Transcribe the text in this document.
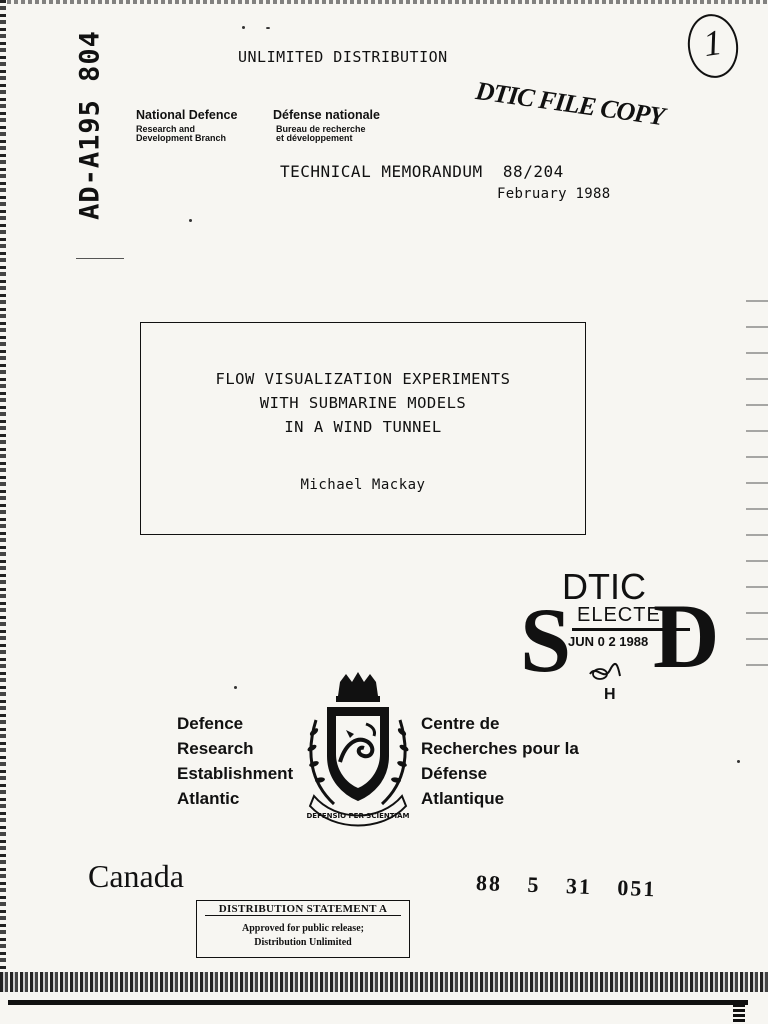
AD-A195 804	UNLIMITED DISTRIBUTION
DTIC FILE COPY
1
National Defence
Research and
Development Branch
Défense nationale
Bureau de recherche
et développement
TECHNICAL MEMORANDUM  88/204
February 1988
FLOW VISUALIZATION EXPERIMENTS
WITH SUBMARINE MODELS
IN A WIND TUNNEL
Michael Mackay
DTIC
ELECTE
S D
JUN 0 2 1988
H
Defence
Research
Establishment
Atlantic
DEFENSIO PER SCIENTIAM
Centre de
Recherches pour la
Défense
Atlantique
Canada	88 5 31 051
DISTRIBUTION STATEMENT A
Approved for public release;
Distribution Unlimited
